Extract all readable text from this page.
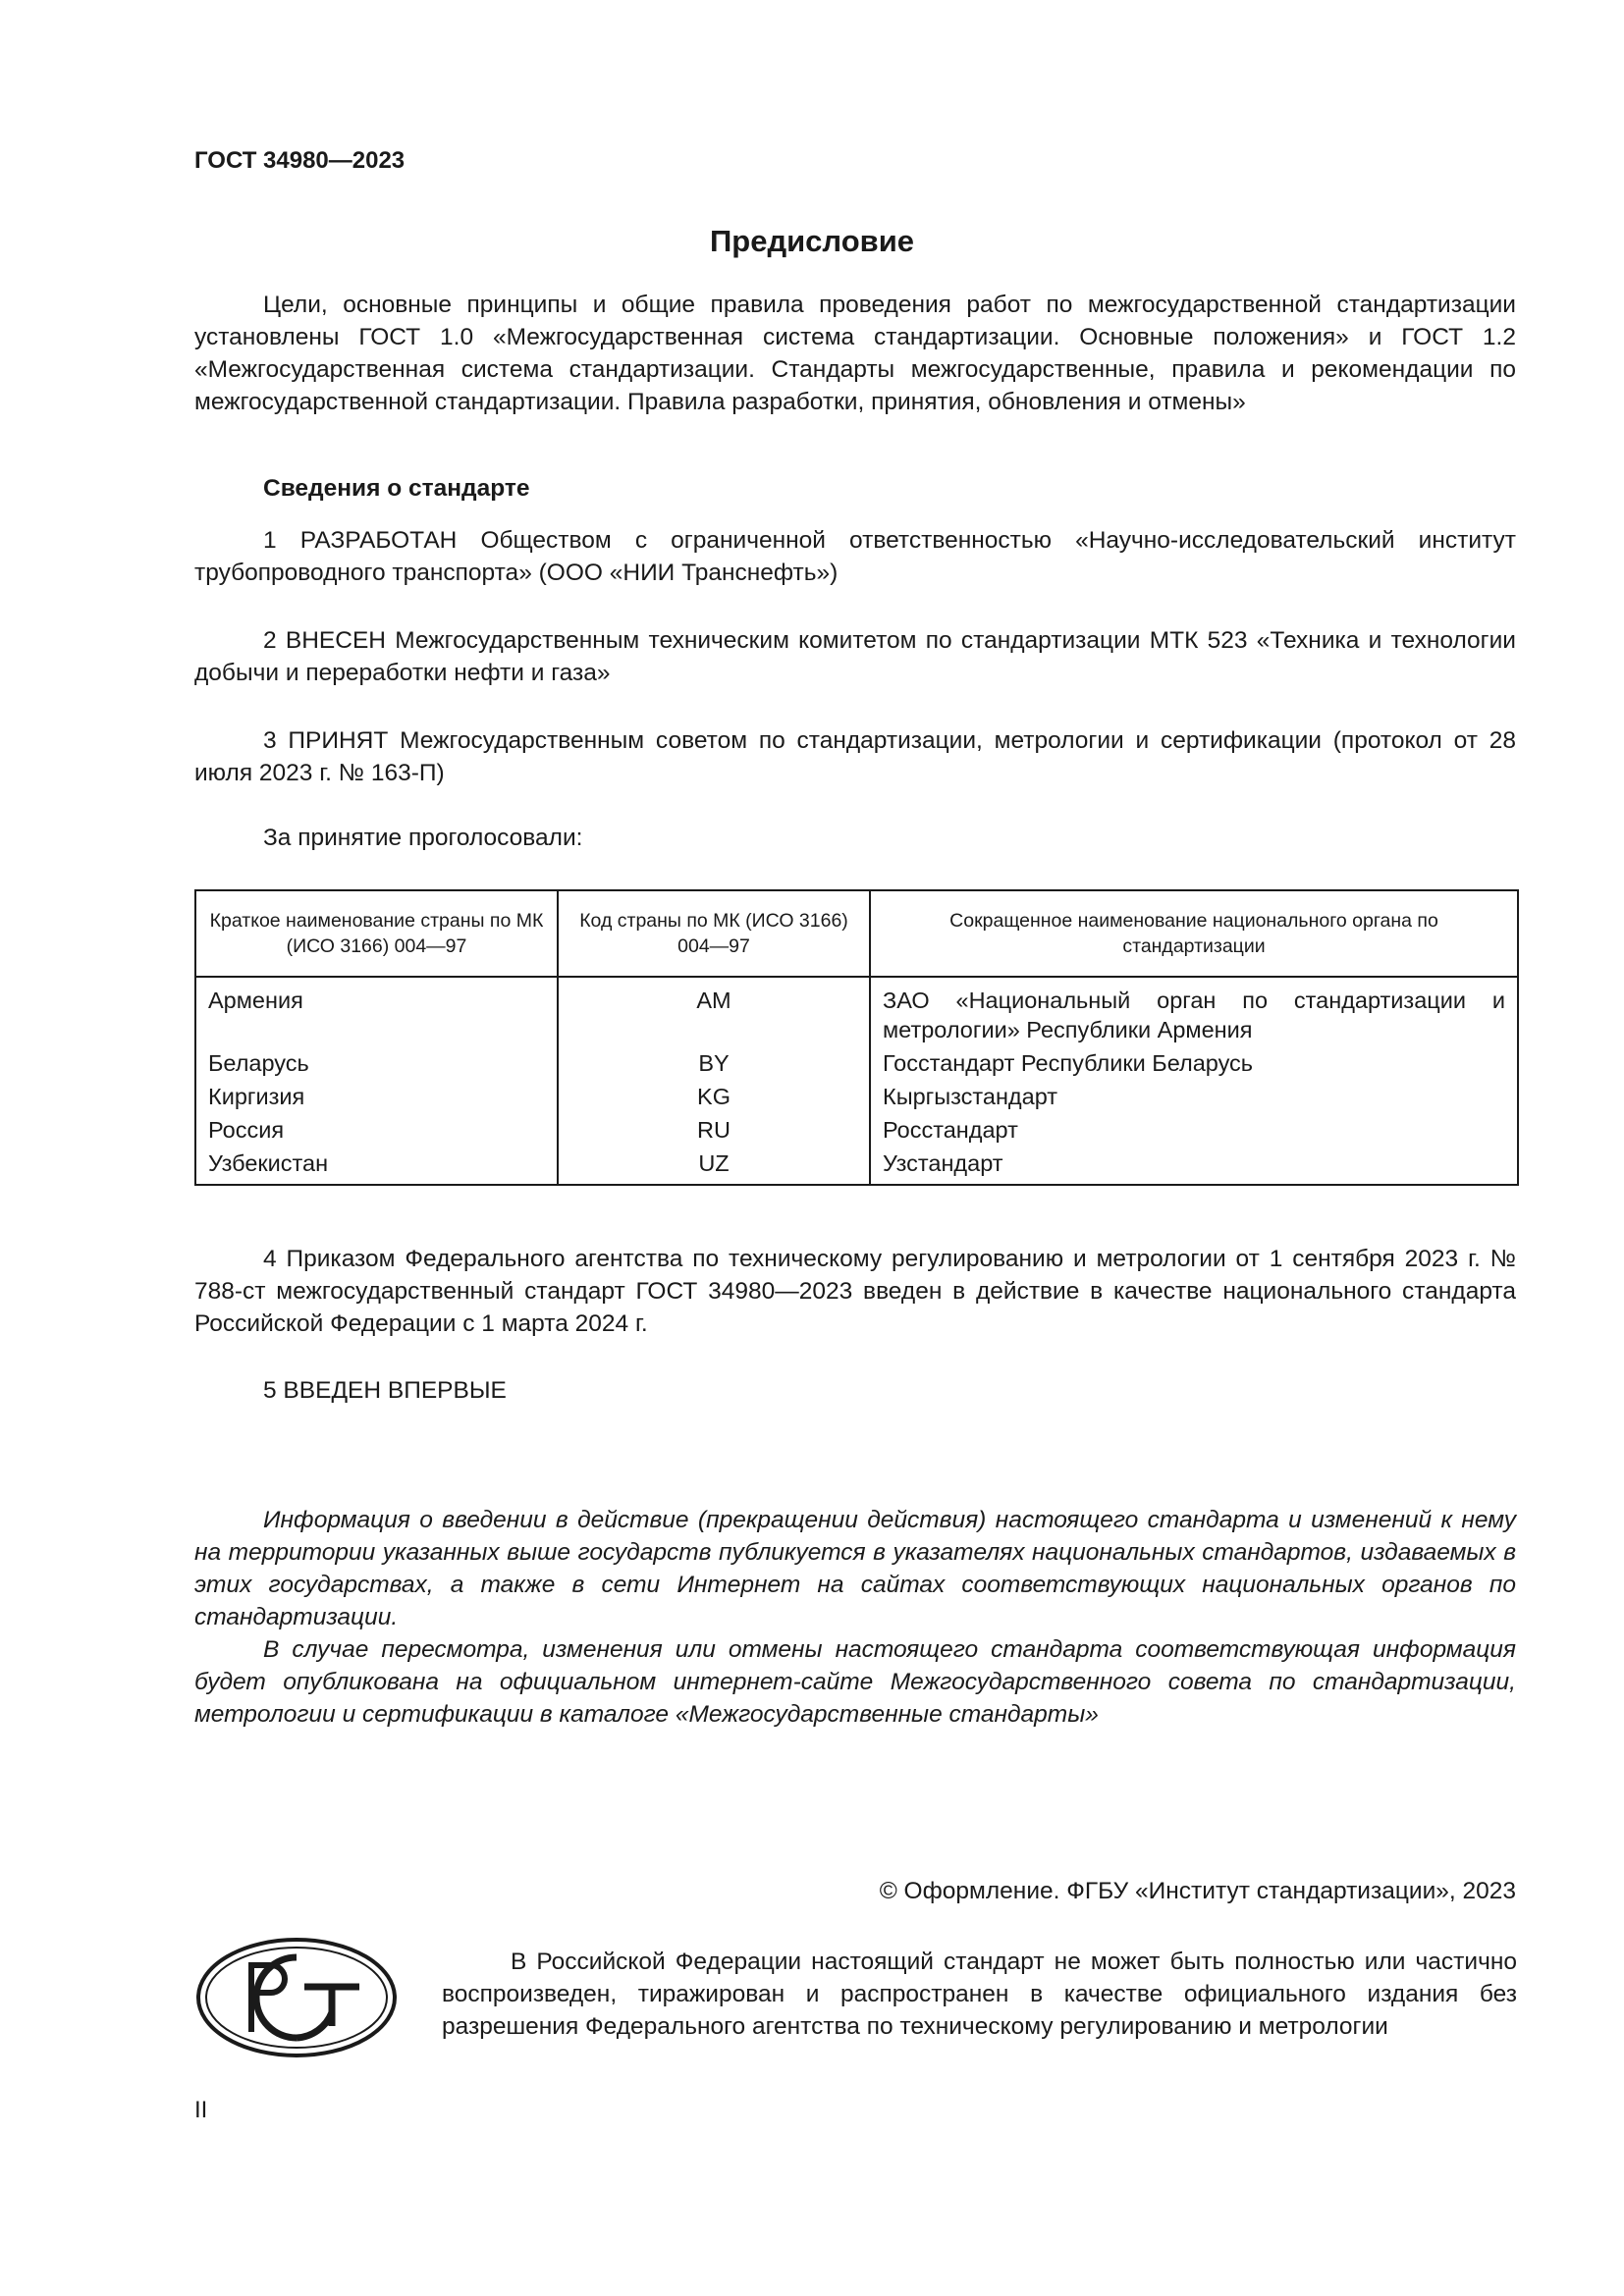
ГОСТ 34980—2023
Предисловие

Цели, основные принципы и общие правила проведения работ по межгосударственной стандартизации установлены ГОСТ 1.0 «Межгосударственная система стандартизации. Основные положения» и ГОСТ 1.2 «Межгосударственная система стандартизации. Стандарты межгосударственные, правила и рекомендации по межгосударственной стандартизации. Правила разработки, принятия, обновления и отмены»

Сведения о стандарте

1 РАЗРАБОТАН Обществом с ограниченной ответственностью «Научно-исследовательский институт трубопроводного транспорта» (ООО «НИИ Транснефть»)

2 ВНЕСЕН Межгосударственным техническим комитетом по стандартизации МТК 523 «Техника и технологии добычи и переработки нефти и газа»

3 ПРИНЯТ Межгосударственным советом по стандартизации, метрологии и сертификации (протокол от 28 июля 2023 г. № 163-П)

За принятие проголосовали:
Краткое наименование страны по МК (ИСО 3166) 004—97	Код страны по МК (ИСО 3166) 004—97	Сокращенное наименование национального органа по стандартизации
Армения	AM	ЗАО «Национальный орган по стандартизации и метрологии» Республики Армения
Беларусь	BY	Госстандарт Республики Беларусь
Киргизия	KG	Кыргызстандарт
Россия	RU	Росстандарт
Узбекистан	UZ	Узстандарт

4 Приказом Федерального агентства по техническому регулированию и метрологии от 1 сентября 2023 г. № 788-ст межгосударственный стандарт ГОСТ 34980—2023 введен в действие в качестве национального стандарта Российской Федерации с 1 марта 2024 г.

5 ВВЕДЕН ВПЕРВЫЕ

Информация о введении в действие (прекращении действия) настоящего стандарта и изменений к нему на территории указанных выше государств публикуется в указателях национальных стандартов, издаваемых в этих государствах, а также в сети Интернет на сайтах соответствующих национальных органов по стандартизации.

В случае пересмотра, изменения или отмены настоящего стандарта соответствующая информация будет опубликована на официальном интернет-сайте Межгосударственного совета по стандартизации, метрологии и сертификации в каталоге «Межгосударственные стандарты»

© Оформление. ФГБУ «Институт стандартизации», 2023

В Российской Федерации настоящий стандарт не может быть полностью или частично воспроизведен, тиражирован и распространен в качестве официального издания без разрешения Федерального агентства по техническому регулированию и метрологии

II
